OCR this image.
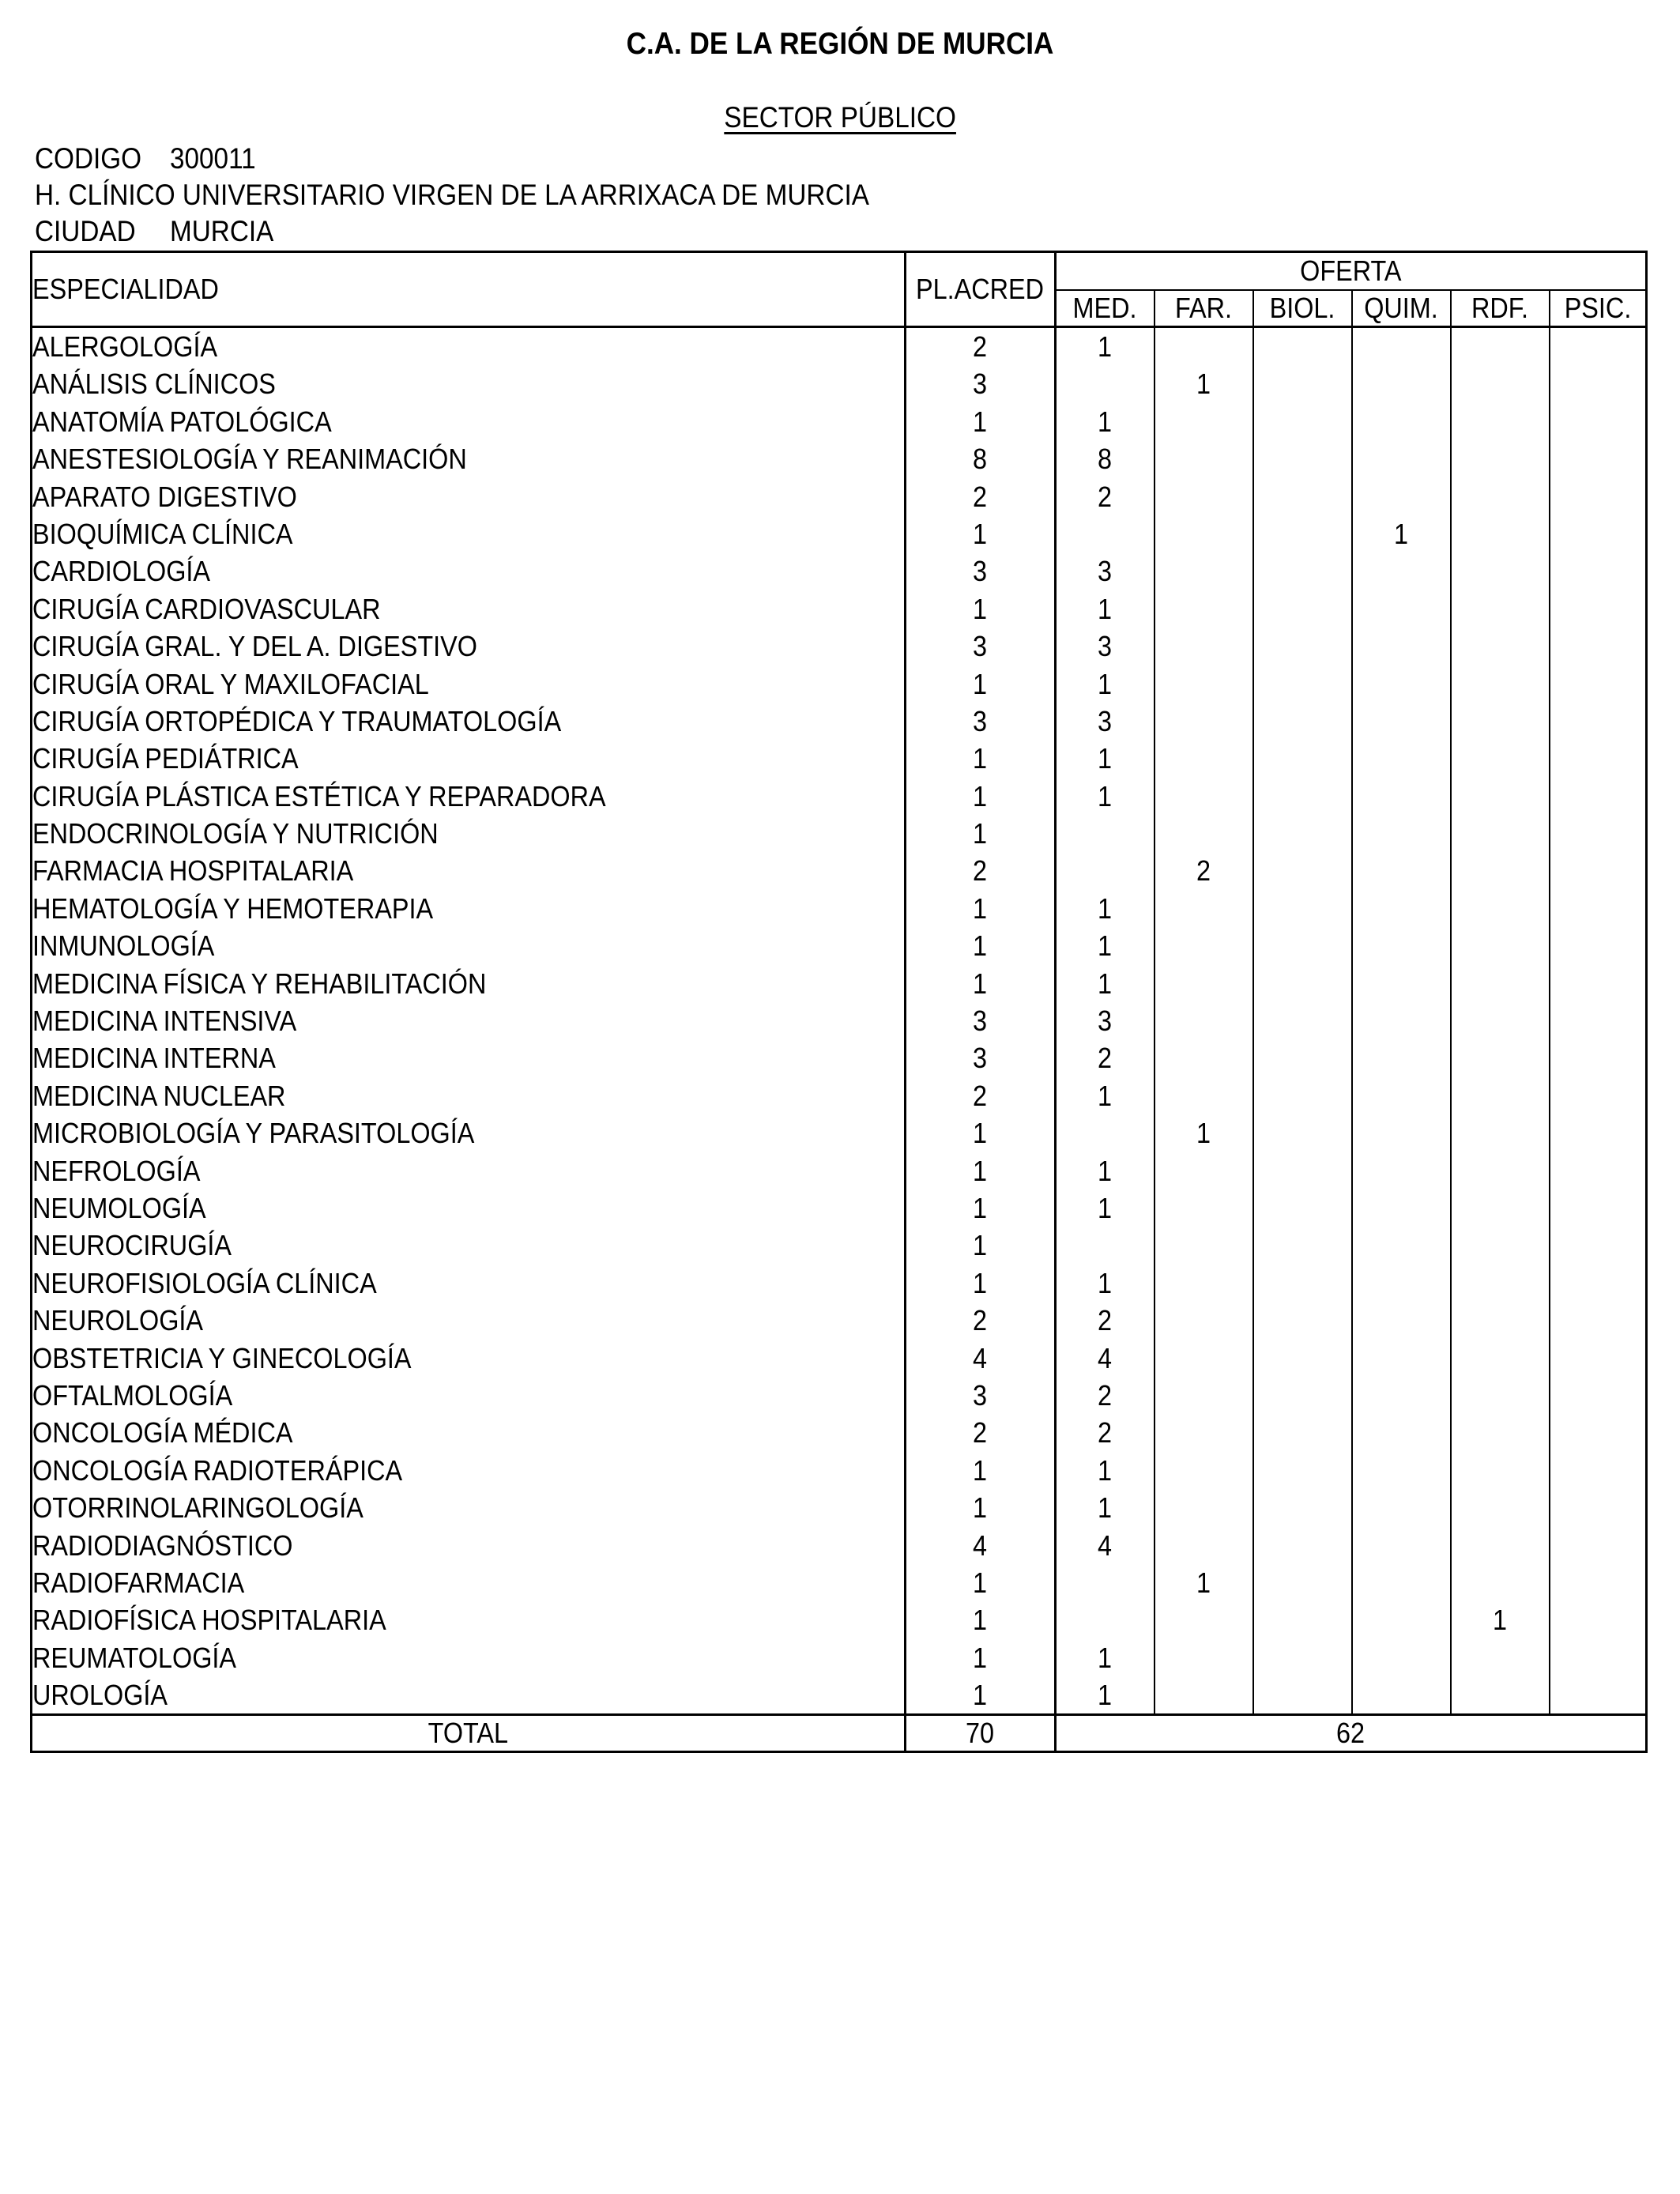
C.A. DE LA REGIÓN DE MURCIA
SECTOR PÚBLICO
CODIGO 300011
H. CLÍNICO UNIVERSITARIO VIRGEN DE LA ARRIXACA DE MURCIA
CIUDAD MURCIA
ESPECIALIDAD	PL.ACRED	OFERTA					
		MED.	FAR.	BIOL.	QUIM.	RDF.	PSIC.
ALERGOLOGÍA	2	1					
ANÁLISIS CLÍNICOS	3		1				
ANATOMÍA PATOLÓGICA	1	1					
ANESTESIOLOGÍA Y REANIMACIÓN	8	8					
APARATO DIGESTIVO	2	2					
BIOQUÍMICA CLÍNICA	1				1		
CARDIOLOGÍA	3	3					
CIRUGÍA CARDIOVASCULAR	1	1					
CIRUGÍA GRAL. Y DEL A. DIGESTIVO	3	3					
CIRUGÍA ORAL Y MAXILOFACIAL	1	1					
CIRUGÍA ORTOPÉDICA Y TRAUMATOLOGÍA	3	3					
CIRUGÍA PEDIÁTRICA	1	1					
CIRUGÍA PLÁSTICA ESTÉTICA Y REPARADORA	1	1					
ENDOCRINOLOGÍA Y NUTRICIÓN	1						
FARMACIA HOSPITALARIA	2		2				
HEMATOLOGÍA Y HEMOTERAPIA	1	1					
INMUNOLOGÍA	1	1					
MEDICINA FÍSICA Y REHABILITACIÓN	1	1					
MEDICINA INTENSIVA	3	3					
MEDICINA INTERNA	3	2					
MEDICINA NUCLEAR	2	1					
MICROBIOLOGÍA Y PARASITOLOGÍA	1		1				
NEFROLOGÍA	1	1					
NEUMOLOGÍA	1	1					
NEUROCIRUGÍA	1						
NEUROFISIOLOGÍA CLÍNICA	1	1					
NEUROLOGÍA	2	2					
OBSTETRICIA Y GINECOLOGÍA	4	4					
OFTALMOLOGÍA	3	2					
ONCOLOGÍA MÉDICA	2	2					
ONCOLOGÍA RADIOTERÁPICA	1	1					
OTORRINOLARINGOLOGÍA	1	1					
RADIODIAGNÓSTICO	4	4					
RADIOFARMACIA	1		1				
RADIOFÍSICA HOSPITALARIA	1					1	
REUMATOLOGÍA	1	1					
UROLOGÍA	1	1					
TOTAL	70	62					
